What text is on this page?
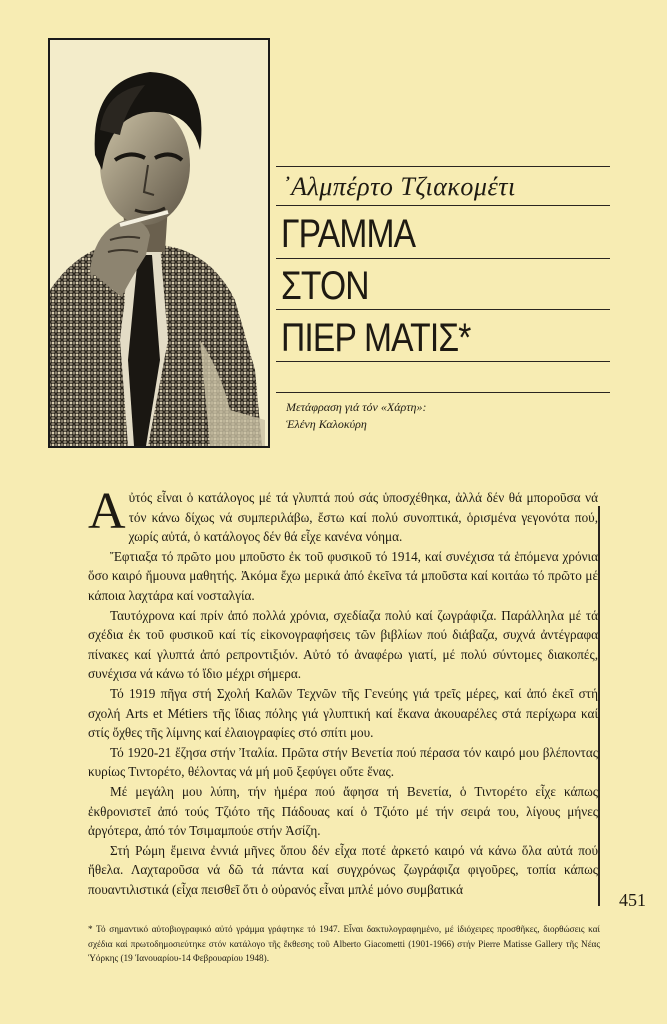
᾿Αλμπέρτο Τζιακομέτι
ΓΡΑΜΜΑ
ΣΤΟΝ
ΠΙΕΡ ΜΑΤΙΣ*
Μετάφραση γιά τόν «Χάρτη»:
Ἑλένη Καλοκύρη

Αὐτός εἶναι ὁ κατάλογος μέ τά γλυπτά πού σάς ὑποσχέθηκα, ἀλλά δέν θά μποροῦσα νά τόν κάνω δίχως νά συμπεριλάβω, ἔστω καί πολύ συνοπτικά, ὁρισμένα γεγονότα πού, χωρίς αὐτά, ὁ κατάλογος δέν θά εἶχε κανένα νόημα.

Ἔφτιαξα τό πρῶτο μου μποῦστο ἐκ τοῦ φυσικοῦ τό 1914, καί συνέχισα τά ἑπόμενα χρόνια ὅσο καιρό ἤμουνα μαθητής. Ἀκόμα ἔχω μερικά ἀπό ἐκεῖνα τά μποῦστα καί κοιτάω τό πρῶτο μέ κάποια λαχτάρα καί νοσταλγία.

Ταυτόχρονα καί πρίν ἀπό πολλά χρόνια, σχεδίαζα πολύ καί ζωγράφιζα. Παράλληλα μέ τά σχέδια ἐκ τοῦ φυσικοῦ καί τίς εἰκονογραφήσεις τῶν βιβλίων πού διάβαζα, συχνά ἀντέγραφα πίνακες καί γλυπτά ἀπό ρεπροντιξιόν. Αὐτό τό ἀναφέρω γιατί, μέ πολύ σύντομες διακοπές, συνέχισα νά κάνω τό ἴδιο μέχρι σήμερα.

Τό 1919 πῆγα στή Σχολή Καλῶν Τεχνῶν τῆς Γενεύης γιά τρεῖς μέρες, καί ἀπό ἐκεῖ στή σχολή Arts et Métiers τῆς ἴδιας πόλης γιά γλυπτική καί ἔκανα ἀκουαρέλες στά περίχωρα καί στίς ὄχθες τῆς λίμνης καί ἐλαιογραφίες στό σπίτι μου.

Τό 1920-21 ἔζησα στήν Ἰταλία. Πρῶτα στήν Βενετία πού πέρασα τόν καιρό μου βλέποντας κυρίως Τιντορέτο, θέλοντας νά μή μοῦ ξεφύγει οὔτε ἕνας.

Μέ μεγάλη μου λύπη, τήν ἡμέρα πού ἄφησα τή Βενετία, ὁ Τιντορέτο εἶχε κάπως ἐκθρονιστεῖ ἀπό τούς Τζιότο τῆς Πάδουας καί ὁ Τζιότο μέ τήν σειρά του, λίγους μήνες ἀργότερα, ἀπό τόν Τσιμαμπούε στήν Ἀσίζη.

Στή Ρώμη ἔμεινα ἐννιά μῆνες ὅπου δέν εἶχα ποτέ ἀρκετό καιρό νά κάνω ὅλα αὐτά πού ἤθελα. Λαχταροῦσα νά δῶ τά πάντα καί συγχρόνως ζωγράφιζα φιγοῦρες, τοπία κάπως πουαντιλιστικά (εἶχα πεισθεῖ ὅτι ὁ οὐρανός εἶναι μπλέ μόνο συμβατικά

451
* Τό σημαντικό αὐτοβιογραφικό αὐτό γράμμα γράφτηκε τό 1947. Εἶναι δακτυλογραφημένο, μέ ἰδιόχειρες προσθῆκες, διορθώσεις καί σχέδια καί πρωτοδημοσιεύτηκε στόν κατάλογο τῆς ἔκθεσης τοῦ Alberto Giacometti (1901-1966) στήν Pierre Matisse Gallery τῆς Νέας Ὑόρκης (19 Ἰανουαρίου-14 Φεβρουαρίου 1948).
